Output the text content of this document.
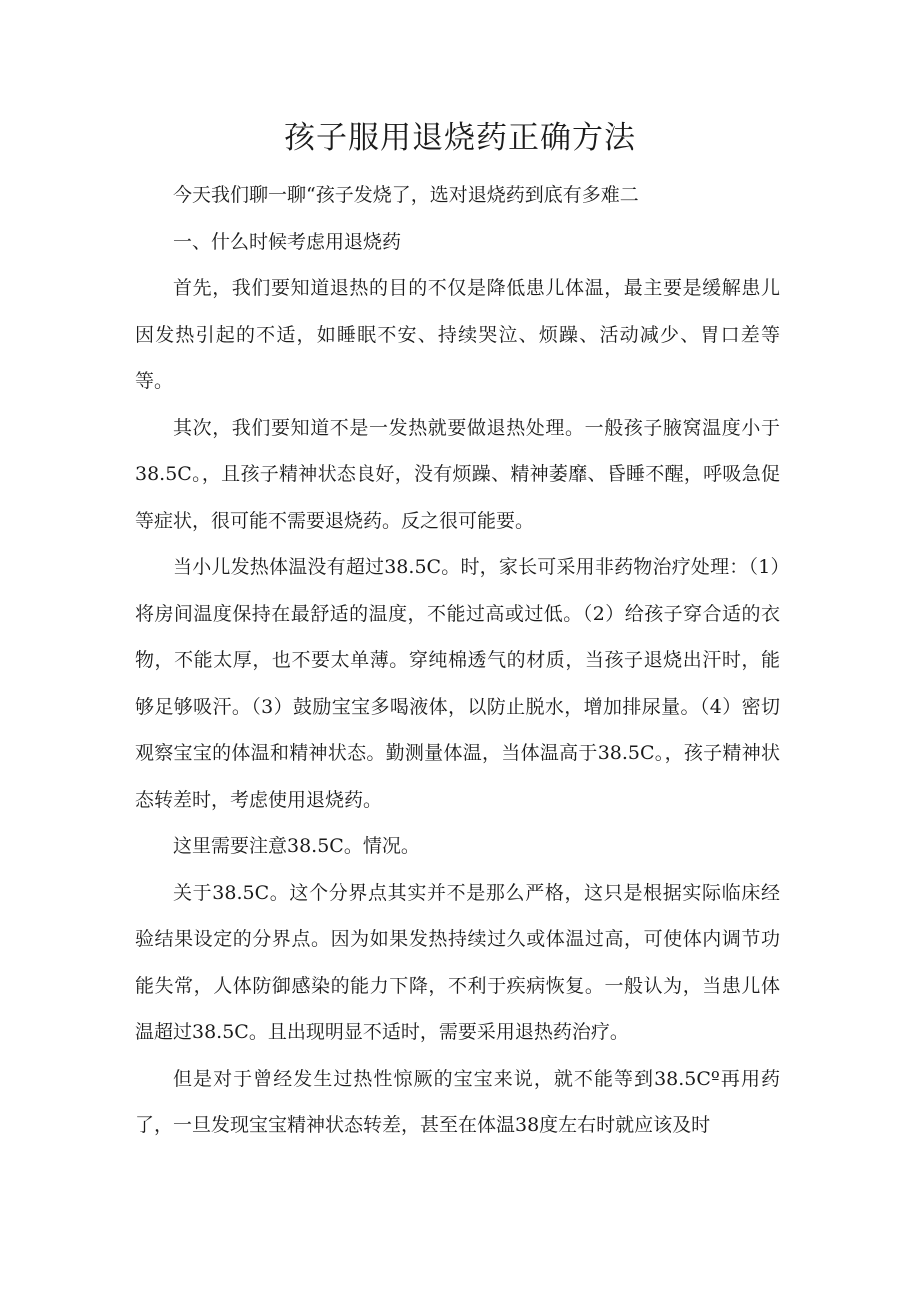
孩子服用退烧药正确方法

今天我们聊一聊“孩子发烧了，选对退烧药到底有多难二

一、什么时候考虑用退烧药

首先，我们要知道退热的目的不仅是降低患儿体温，最主要是缓解患儿因发热引起的不适，如睡眠不安、持续哭泣、烦躁、活动减少、胃口差等等。

其次，我们要知道不是一发热就要做退热处理。一般孩子腋窝温度小于38.5C。，且孩子精神状态良好，没有烦躁、精神萎靡、昏睡不醒，呼吸急促等症状，很可能不需要退烧药。反之很可能要。

当小儿发热体温没有超过38.5C。时，家长可采用非药物治疗处理：（1）将房间温度保持在最舒适的温度，不能过高或过低。（2）给孩子穿合适的衣物，不能太厚，也不要太单薄。穿纯棉透气的材质，当孩子退烧出汗时，能够足够吸汗。（3）鼓励宝宝多喝液体，以防止脱水，增加排尿量。（4）密切观察宝宝的体温和精神状态。勤测量体温，当体温高于38.5C。，孩子精神状态转差时，考虑使用退烧药。

这里需要注意38.5C。情况。

关于38.5C。这个分界点其实并不是那么严格，这只是根据实际临床经验结果设定的分界点。因为如果发热持续过久或体温过高，可使体内调节功能失常，人体防御感染的能力下降，不利于疾病恢复。一般认为，当患儿体温超过38.5C。且出现明显不适时，需要采用退热药治疗。

但是对于曾经发生过热性惊厥的宝宝来说，就不能等到38.5Cº再用药了，一旦发现宝宝精神状态转差，甚至在体温38度左右时就应该及时
